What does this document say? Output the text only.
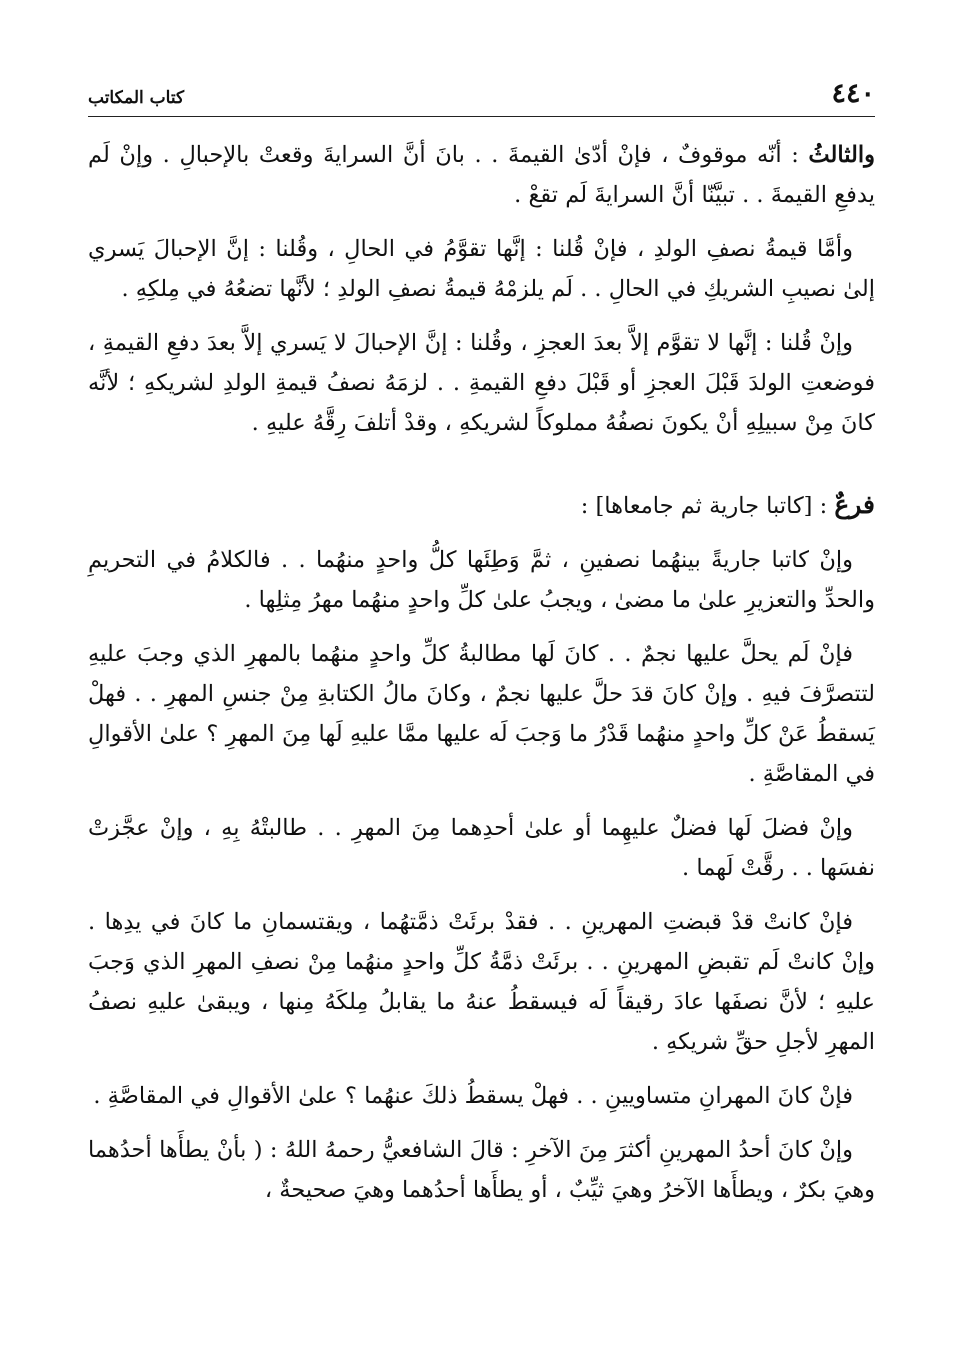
٤٤٠
كتاب المكاتب

والثالثُ : أنّه موقوفٌ ، فإنْ أدّىٰ القيمةَ . . بانَ أنَّ السرايةَ وقعتْ بالإحبالِ . وإنْ لَم يدفعِ القيمةَ . . تبيَّنّا أنَّ السرايةَ لَم تقعْ .

وأمَّا قيمةُ نصفِ الولدِ ، فإنْ قُلنا : إنَّها تقوَّمُ في الحالِ ، وقُلنا : إنَّ الإحبالَ يَسري إلىٰ نصيبِ الشريكِ في الحالِ . . لَم يلزمْهُ قيمةُ نصفِ الولدِ ؛ لأنَّها تضعُهُ في مِلكِهِ .

وإنْ قُلنا : إنَّها لا تقوَّم إلاَّ بعدَ العجزِ ، وقُلنا : إنَّ الإحبالَ لا يَسري إلاَّ بعدَ دفعِ القيمةِ ، فوضعتِ الولدَ قَبْلَ العجزِ أو قَبْلَ دفعِ القيمةِ . . لزمَهُ نصفُ قيمةِ الولدِ لشريكهِ ؛ لأنَّه كانَ مِنْ سبيلِهِ أنْ يكونَ نصفُهُ مملوكاً لشريكهِ ، وقدْ أتلفَ رِقَّهُ عليهِ .

فرعٌ : [كاتبا جارية ثم جامعاها] :

وإنْ كاتبا جاريةً بينهُما نصفينِ ، ثمَّ وَطِئَها كلُّ واحدٍ منهُما . . فالكلامُ في التحريمِ والحدِّ والتعزيرِ علىٰ ما مضىٰ ، ويجبُ علىٰ كلِّ واحدٍ منهُما مهرُ مِثلِها .

فإنْ لَم يحلَّ عليها نجمٌ . . كانَ لَها مطالبةُ كلِّ واحدٍ منهُما بالمهرِ الذي وجبَ عليهِ لتتصرَّفَ فيهِ . وإنْ كانَ قدَ حلَّ عليها نجمٌ ، وكانَ مالُ الكتابةِ مِنْ جنسِ المهرِ . . فهلْ يَسقطُ عَنْ كلِّ واحدٍ منهُما قَدْرُ ما وَجبَ لَه عليها ممَّا عليهِ لَها مِنَ المهرِ ؟ علىٰ الأقوالِ في المقاصَّةِ .

وإنْ فضلَ لَها فضلٌ عليهِما أو علىٰ أحدِهما مِنَ المهرِ . . طالبتْهُ بِهِ ، وإنْ عجَّزتْ نفسَها . . رقَّتْ لَهما .

فإنْ كانتْ قدْ قبضتِ المهرينِ . . فقدْ برئَتْ ذمَّتهُما ، ويقتسمانِ ما كانَ في يدِها . وإنْ كانتْ لَم تقبضِ المهرينِ . . برئَتْ ذمَّةُ كلِّ واحدٍ منهُما مِنْ نصفِ المهرِ الذي وَجبَ عليهِ ؛ لأنَّ نصفَها عادَ رقيقاً لَه فيسقطُ عنهُ ما يقابلُ مِلكَهُ مِنها ، ويبقىٰ عليهِ نصفُ المهرِ لأجلِ حقِّ شريكهِ .

فإنْ كانَ المهرانِ متساويينِ . . فهلْ يسقطُ ذلكَ عنهُما ؟ علىٰ الأقوالِ في المقاصَّةِ .

وإنْ كانَ أحدُ المهرينِ أكثرَ مِنَ الآخرِ : قالَ الشافعيُّ رحمهُ اللهُ : ( بأنْ يطأَها أحدُهما وهيَ بكرٌ ، ويطأَها الآخرُ وهيَ ثيِّبٌ ، أو يطأَها أحدُهما وهيَ صحيحةٌ ،
